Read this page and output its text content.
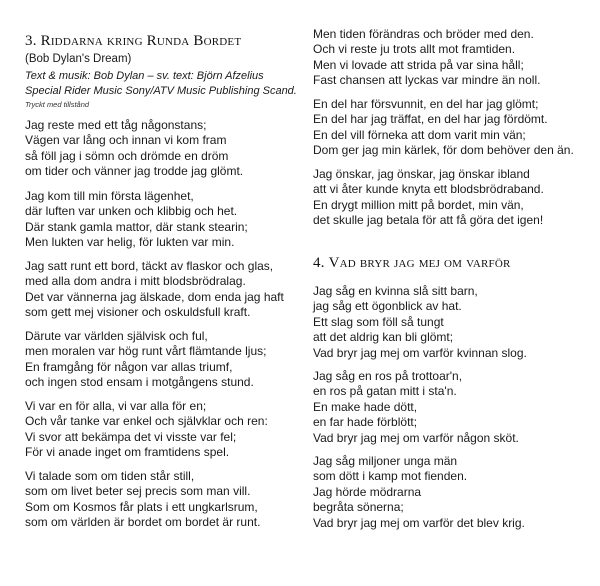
3. Riddarna kring Runda Bordet
(Bob Dylan's Dream)
Text & musik: Bob Dylan – sv. text: Björn Afzelius
Special Rider Music Sony/ATV Music Publishing Scand.
Tryckt med tillstånd
Jag reste med ett tåg någonstans;
Vägen var lång och innan vi kom fram
så föll jag i sömn och drömde en dröm
om tider och vänner jag trodde jag glömt.
Jag kom till min första lägenhet,
där luften var unken och klibbig och het.
Där stank gamla mattor, där stank stearin;
Men lukten var helig, för lukten var min.
Jag satt runt ett bord, täckt av flaskor och glas,
med alla dom andra i mitt blodsbrödralag.
Det var vännerna jag älskade, dom enda jag haft
som gett mej visioner och oskuldsfull kraft.
Därute var världen självisk och ful,
men moralen var hög runt vårt flämtande ljus;
En framgång för någon var allas triumf,
och ingen stod ensam i motgångens stund.
Vi var en för alla, vi var alla för en;
Och vår tanke var enkel och självklar och ren:
Vi svor att bekämpa det vi visste var fel;
För vi anade inget om framtidens spel.
Vi talade som om tiden står still,
som om livet beter sej precis som man vill.
Som om Kosmos får plats i ett ungkarlsrum,
som om världen är bordet om bordet är runt.
Men tiden förändras och bröder med den.
Och vi reste ju trots allt mot framtiden.
Men vi lovade att strida på var sina håll;
Fast chansen att lyckas var mindre än noll.
En del har försvunnit, en del har jag glömt;
En del har jag träffat, en del har jag fördömt.
En del vill förneka att dom varit min vän;
Dom ger jag min kärlek, för dom behöver den än.
Jag önskar, jag önskar, jag önskar ibland
att vi åter kunde knyta ett blodsbrödraband.
En drygt million mitt på bordet, min vän,
det skulle jag betala för att få göra det igen!
4. Vad bryr jag mej om varför
Jag såg en kvinna slå sitt barn,
jag såg ett ögonblick av hat.
Ett slag som föll så tungt
att det aldrig kan bli glömt;
Vad bryr jag mej om varför kvinnan slog.
Jag såg en ros på trottoar'n,
en ros på gatan mitt i sta'n.
En make hade dött,
en far hade förblött;
Vad bryr jag mej om varför någon sköt.
Jag såg miljoner unga män
som dött i kamp mot fienden.
Jag hörde mödrarna
begråta sönerna;
Vad bryr jag mej om varför det blev krig.
